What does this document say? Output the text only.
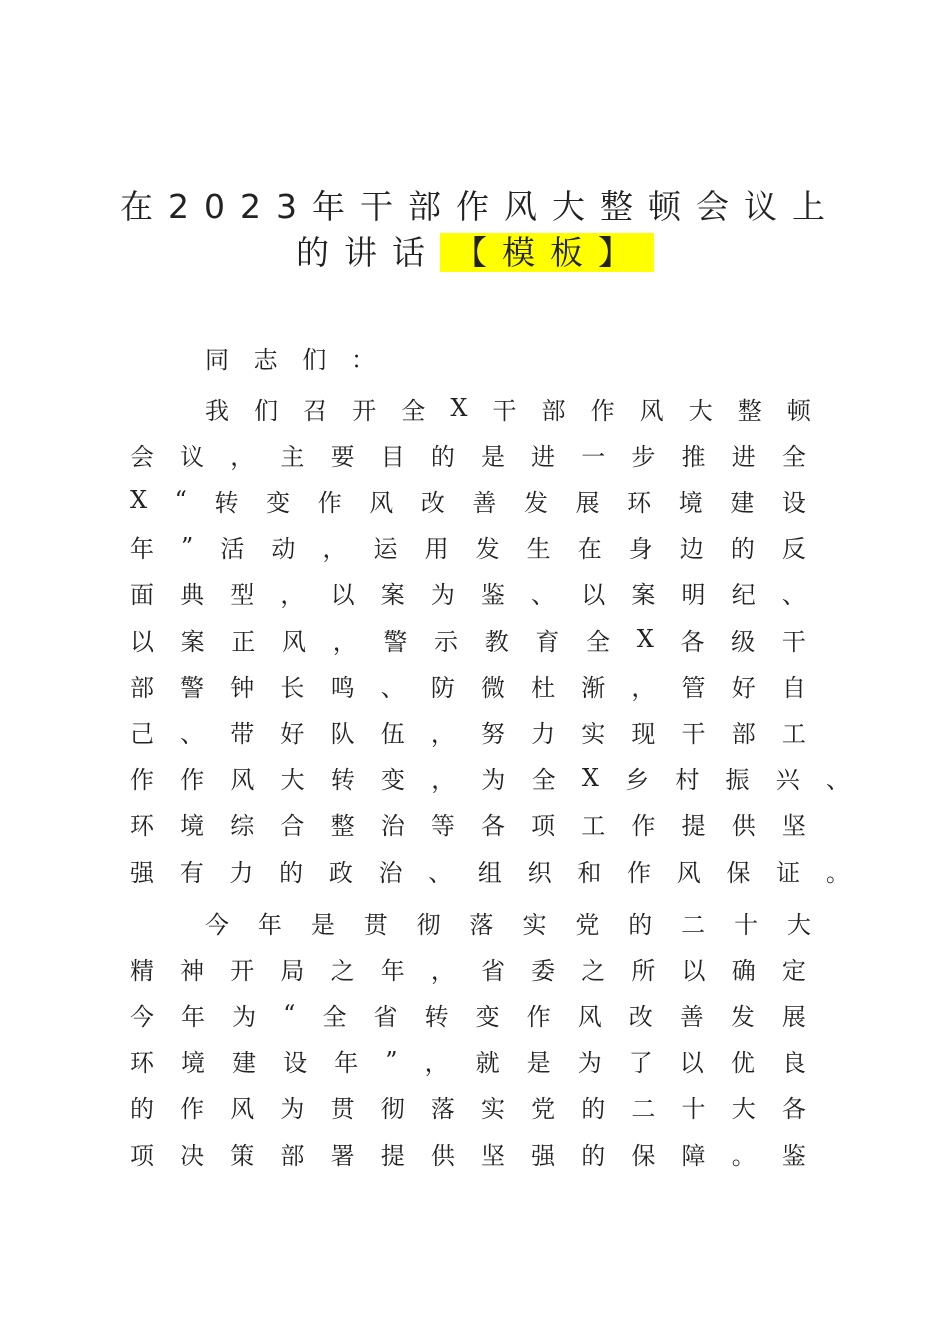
在2023年干部作风大整顿会议上
的讲话 【模板】
同 志 们 ：
我 们 召 开 全 X 干 部 作 风 大 整 顿
会 议 ， 主 要 目 的 是 进 一 步 推 进 全
X “ 转 变 作 风 改 善 发 展 环 境 建 设
年 ” 活 动 ， 运 用 发 生 在 身 边 的 反
面 典 型 ， 以 案 为 鉴 、 以 案 明 纪 、
以 案 正 风 ， 警 示 教 育 全 X 各 级 干
部 警 钟 长 鸣 、 防 微 杜 渐 ， 管 好 自
己 、 带 好 队 伍 ， 努 力 实 现 干 部 工
作 作 风 大 转 变 ， 为 全 X 乡 村 振 兴 、
环 境 综 合 整 治 等 各 项 工 作 提 供 坚
强 有 力 的 政 治 、 组 织 和 作 风 保 证 。
今 年 是 贯 彻 落 实 党 的 二 十 大
精 神 开 局 之 年 ， 省 委 之 所 以 确 定
今 年 为 “ 全 省 转 变 作 风 改 善 发 展
环 境 建 设 年 ” ， 就 是 为 了 以 优 良
的 作 风 为 贯 彻 落 实 党 的 二 十 大 各
项 决 策 部 署 提 供 坚 强 的 保 障 。 鉴
